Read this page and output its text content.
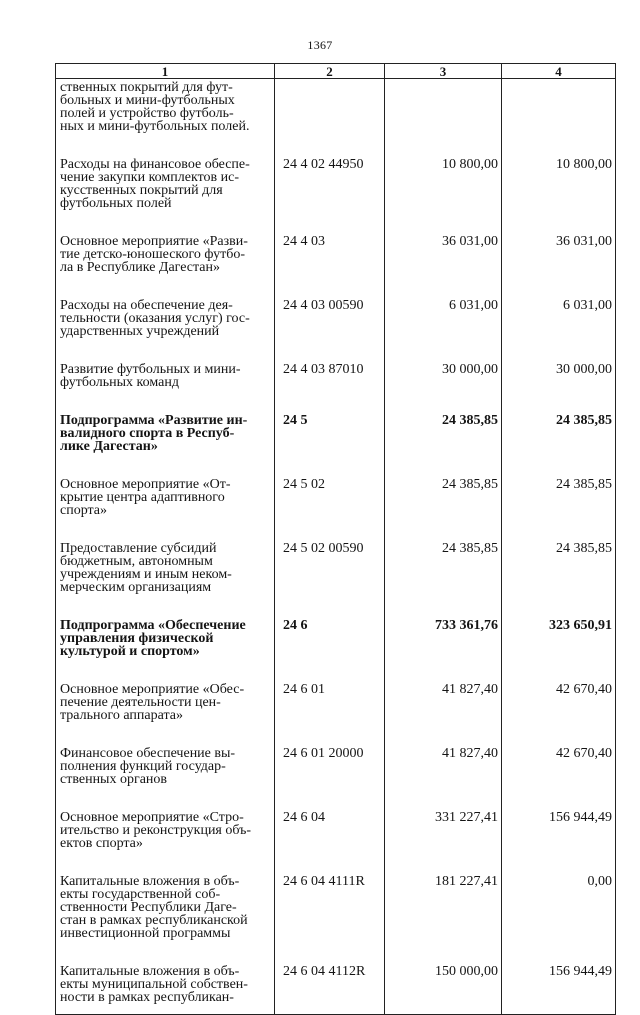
1367
1	2	3	4
ственных покрытий для фут-
больных и мини-футбольных
полей и устройство футболь-
ных и мини-футбольных полей.			
Расходы на финансовое обеспе-
чение закупки комплектов ис-
кусственных покрытий для
футбольных полей	24 4 02 44950	10 800,00	10 800,00
Основное мероприятие «Разви-
тие детско-юношеского футбо-
ла в Республике Дагестан»	24 4 03	36 031,00	36 031,00
Расходы на обеспечение дея-
тельности (оказания услуг) гос-
ударственных учреждений	24 4 03 00590	6 031,00	6 031,00
Развитие футбольных и мини-
футбольных команд	24 4 03 87010	30 000,00	30 000,00
Подпрограмма «Развитие ин-
валидного спорта в Респуб-
лике Дагестан»	24 5	24 385,85	24 385,85
Основное мероприятие «От-
крытие центра адаптивного
спорта»	24 5 02	24 385,85	24 385,85
Предоставление субсидий
бюджетным, автономным
учреждениям и иным неком-
мерческим организациям	24 5 02 00590	24 385,85	24 385,85
Подпрограмма «Обеспечение
управления физической
культурой и спортом»	24 6	733 361,76	323 650,91
Основное мероприятие «Обес-
печение деятельности цен-
трального аппарата»	24 6 01	41 827,40	42 670,40
Финансовое обеспечение вы-
полнения функций государ-
ственных органов	24 6 01 20000	41 827,40	42 670,40
Основное мероприятие «Стро-
ительство и реконструкция объ-
ектов спорта»	24 6 04	331 227,41	156 944,49
Капитальные вложения в объ-
екты государственной соб-
ственности Республики Даге-
стан в рамках республиканской
инвестиционной программы	24 6 04 4111R	181 227,41	0,00
Капитальные вложения в объ-
екты муниципальной собствен-
ности в рамках республикан-	24 6 04 4112R	150 000,00	156 944,49
